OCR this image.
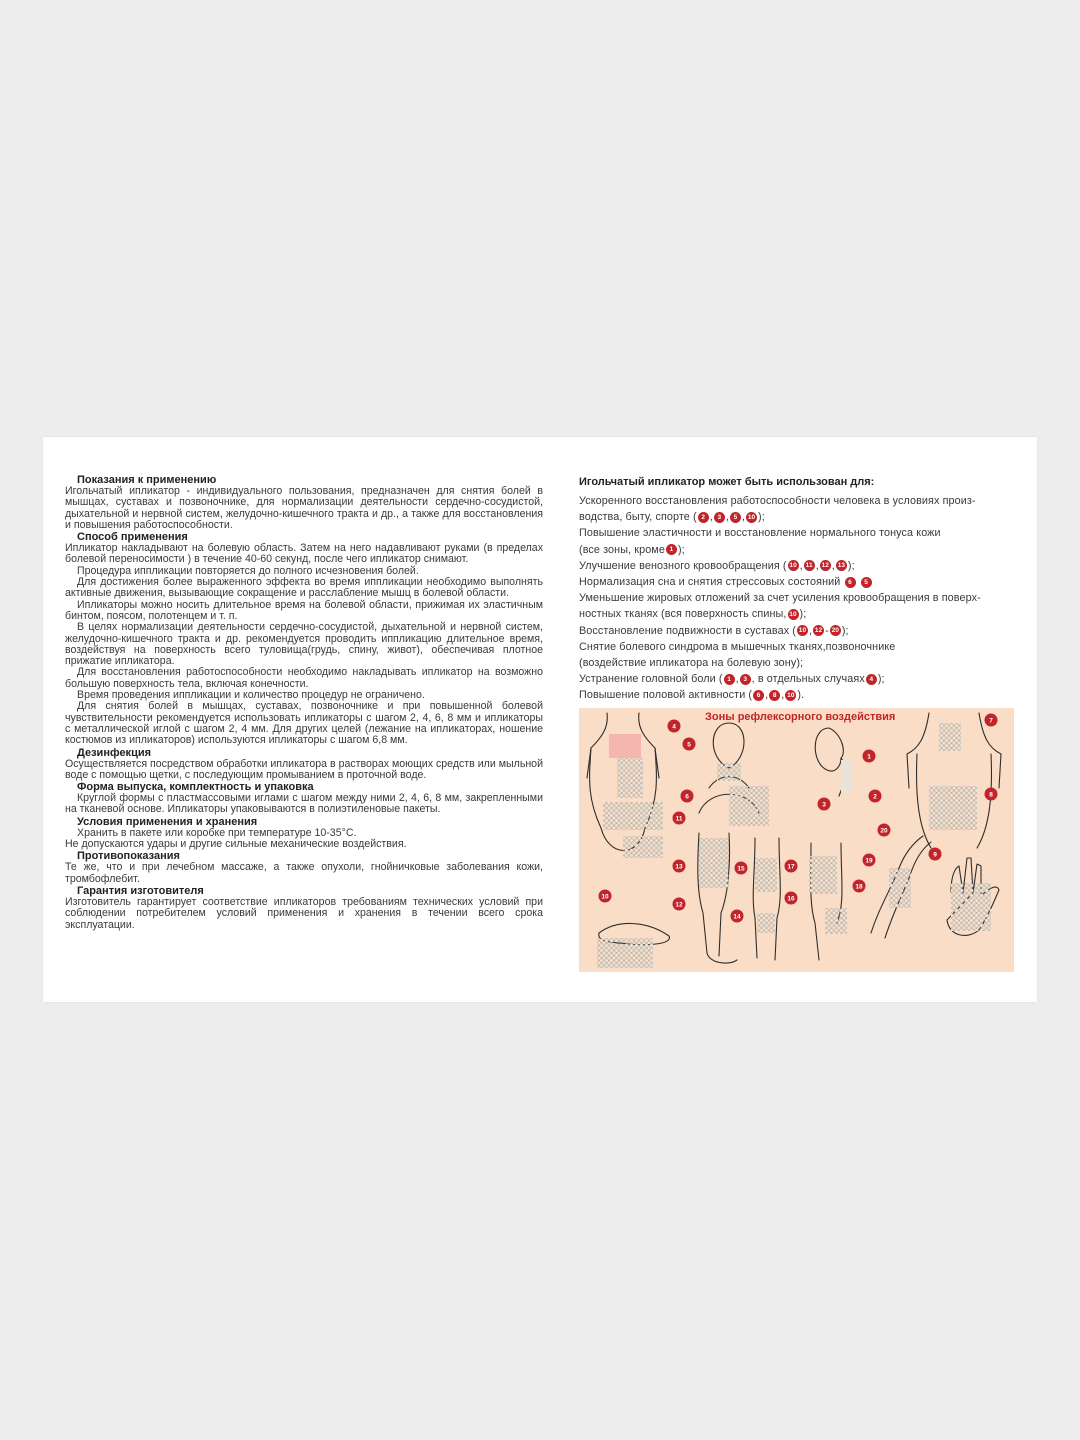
Показания к применению

Игольчатый ипликатор - индивидуального пользования, предназначен для снятия болей в мышцах, суставах и позвоночнике, для нормализации деятельности сердечно-сосудистой, дыхательной и нервной систем, желудочно-кишечного тракта и др., а также для восстановления и повышения работоспособности.

Способ применения

Ипликатор накладывают на болевую область. Затем на него надавливают руками (в пределах болевой переносимости ) в течение 40-60 секунд, после чего ипликатор снимают.

Процедура иппликации повторяется до полного исчезновения болей.

Для достижения более выраженного эффекта во время иппликации необходимо выполнять активные движения, вызывающие сокращение и расслабление мышц в болевой области.

Ипликаторы можно носить длительное время на болевой области, прижимая их эластичным бинтом, поясом, полотенцем и т. п.

В целях нормализации деятельности сердечно-сосудистой, дыхательной и нервной систем, желудочно-кишечного тракта и др. рекомендуется проводить иппликацию длительное время, воздействуя на поверхность всего туловища(грудь, спину, живот), обеспечивая плотное прижатие ипликатора.

Для восстановления работоспособности необходимо накладывать ипликатор на возможно большую поверхность тела, включая конечности.

Время проведения иппликации и количество процедур не ограничено.

Для снятия болей в мышцах, суставах, позвоночнике и при повышенной болевой чувствительности рекомендуется использовать ипликаторы с шагом 2, 4, 6, 8 мм и ипликаторы с металлической иглой с шагом 2, 4 мм. Для других целей (лежание на ипликаторах, ношение костюмов из ипликаторов) используются ипликаторы с шагом 6,8 мм.

Дезинфекция

Осуществляется посредством обработки ипликатора в растворах моющих средств или мыльной воде с помощью щетки, с последующим промыванием в проточной воде.

Форма выпуска, комплектность и упаковка

Круглой формы с пластмассовыми иглами с шагом между ними 2, 4, 6, 8 мм, закрепленными на тканевой основе. Ипликаторы упаковываются в полиэтиленовые пакеты.

Условия применения и хранения

Хранить в пакете или коробке при температуре 10-35°С.

Не допускаются удары и другие сильные механические воздействия.

Противопоказания

Те же, что и при лечебном массаже, а также опухоли, гнойничковые заболевания кожи, тромбофлебит.

Гарантия изготовителя

Изготовитель гарантирует соответствие ипликаторов требованиям технических условий при соблюдении потребителем условий применения и хранения в течении всего срока эксплуатации.

Игольчатый ипликатор может быть использован для:
Ускоренного восстановления работоспособности человека в условиях произ-
водства, быту, спорте ( 2 , 3 , 5 , 10 );
Повышение эластичности и восстановление нормального тонуса кожи
(все зоны, кроме 1 );
Улучшение венозного кровообращения ( 10 , 11 , 12 , 13 );
Нормализация сна и снятия стрессовых состояний 6 5
Уменьшение жировых отложений за счет усиления кровообращения в поверх-
ностных тканях (вся поверхность спины, 10 );
Восстановление подвижности в суставах ( 10 , 12 - 20 );
Снятие болевого синдрома в мышечных тканях,позвоночнике
(воздействие ипликатора на болевую зону);
Устранение головной боли ( 1 , 3 , в отдельных случаях 4 );
Повышение половой активности ( 6 , 8 , 10 ).
1
2
3
4
5
6
7
8
9
10
11
12
13
14
15
16
17
18
19
20
Зоны рефлексорного воздействия
